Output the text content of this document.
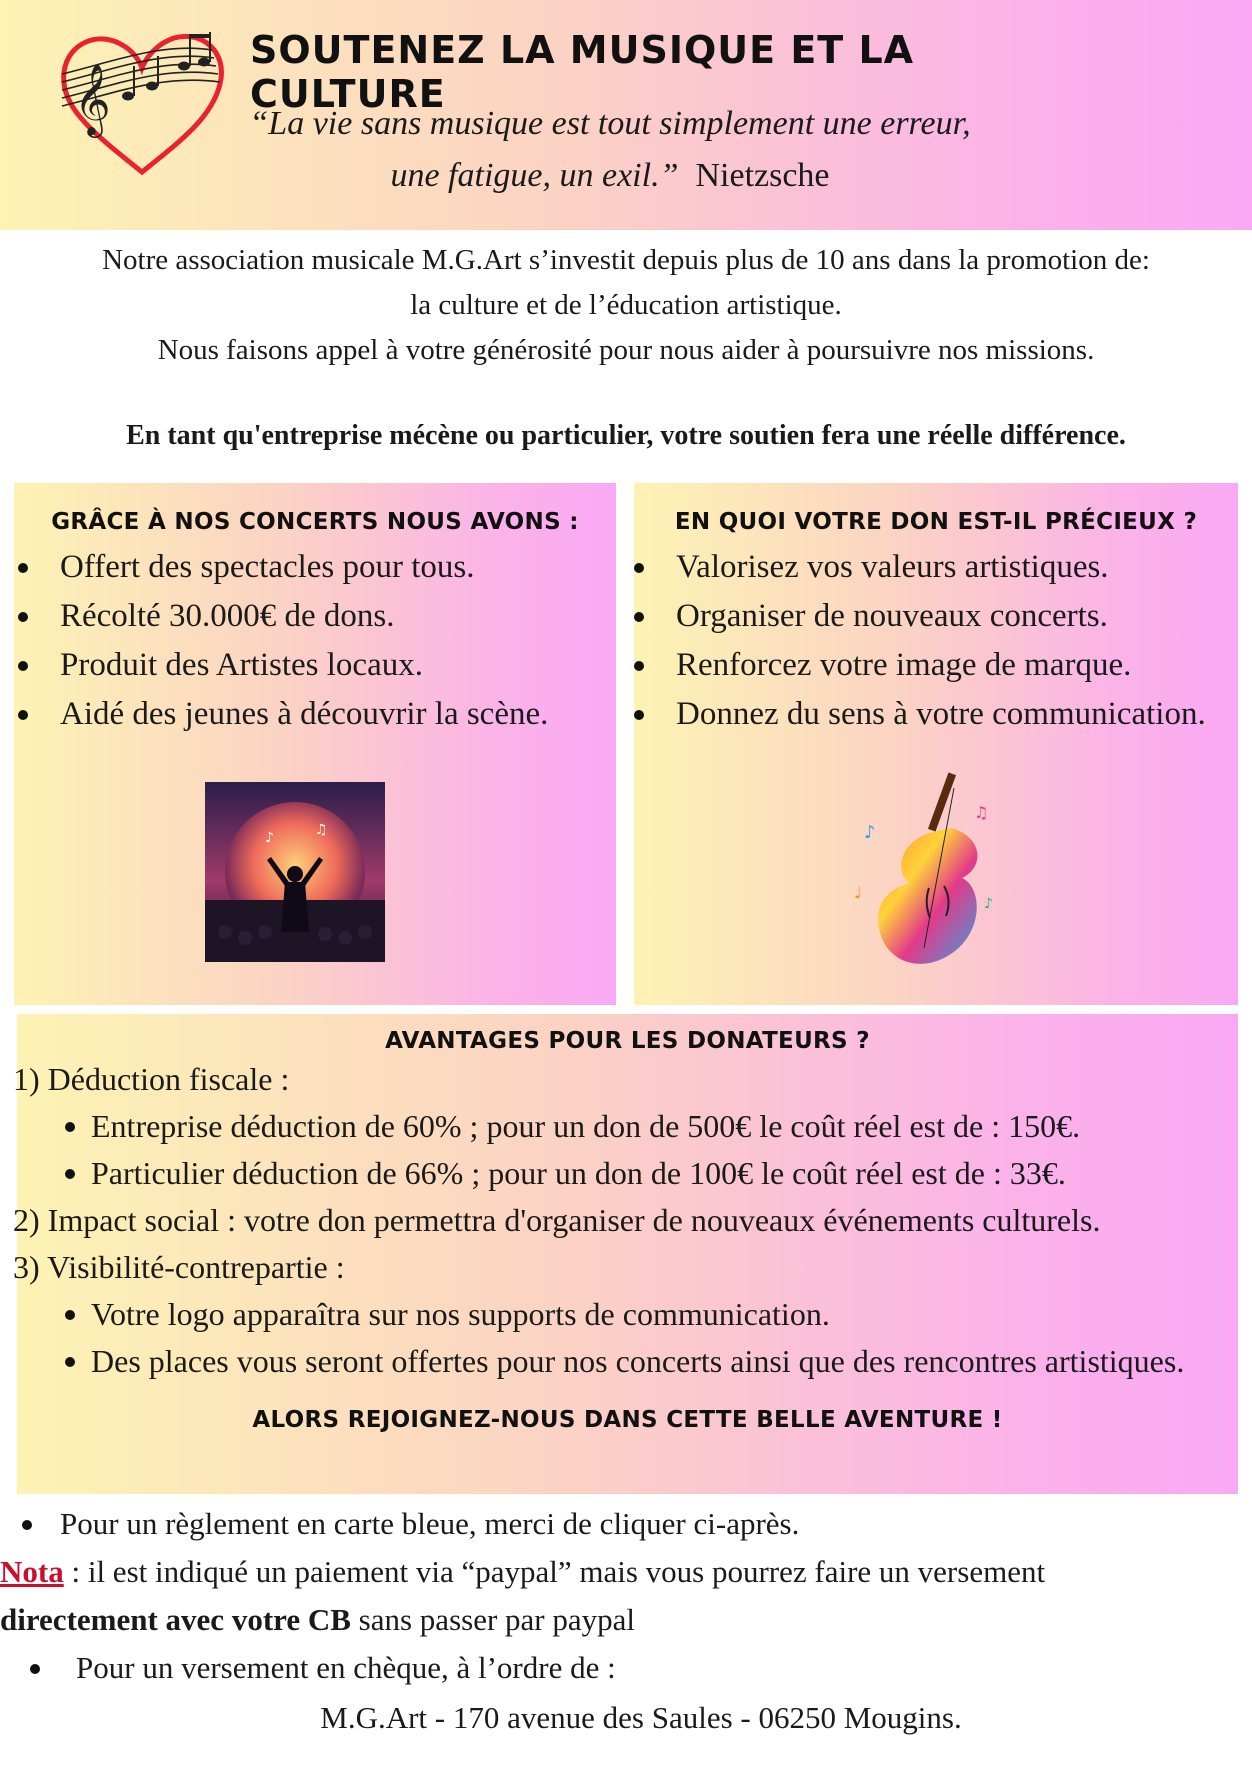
𝄞
SOUTENEZ LA MUSIQUE ET LA CULTURE
“La vie sans musique est tout simplement une erreur,
une fatigue, un exil.” Nietzsche
Notre association musicale M.G.Art s’investit depuis plus de 10 ans dans la promotion de:
la culture et de l’éducation artistique.
Nous faisons appel à votre générosité pour nous aider à poursuivre nos missions.
En tant qu'entreprise mécène ou particulier, votre soutien fera une réelle différence.
GRÂCE À NOS CONCERTS NOUS AVONS :
Offert des spectacles pour tous.
Récolté 30.000€ de dons.
Produit des Artistes locaux.
Aidé des jeunes à découvrir la scène.
♪	♫
EN QUOI VOTRE DON EST-IL PRÉCIEUX ?
Valorisez vos valeurs artistiques.
Organiser de nouveaux concerts.
Renforcez votre image de marque.
Donnez du sens à votre communication.
♪
♫
♩
♪
AVANTAGES POUR LES DONATEURS ?
1) Déduction fiscale :
Entreprise déduction de 60% ; pour un don de 500€ le coût réel est de : 150€.
Particulier déduction de 66% ; pour un don de 100€ le coût réel est de : 33€.
2) Impact social : votre don permettra d'organiser de nouveaux événements culturels.
3) Visibilité-contrepartie :
Votre logo apparaîtra sur nos supports de communication.
Des places vous seront offertes pour nos concerts ainsi que des rencontres artistiques.
ALORS REJOIGNEZ-NOUS DANS CETTE BELLE AVENTURE !
Pour un règlement en carte bleue, merci de cliquer ci-après.
Nota : il est indiqué un paiement via “paypal” mais vous pourrez faire un versement
directement avec votre CB sans passer par paypal
Pour un versement en chèque, à l’ordre de :
M.G.Art - 170 avenue des Saules - 06250 Mougins.
